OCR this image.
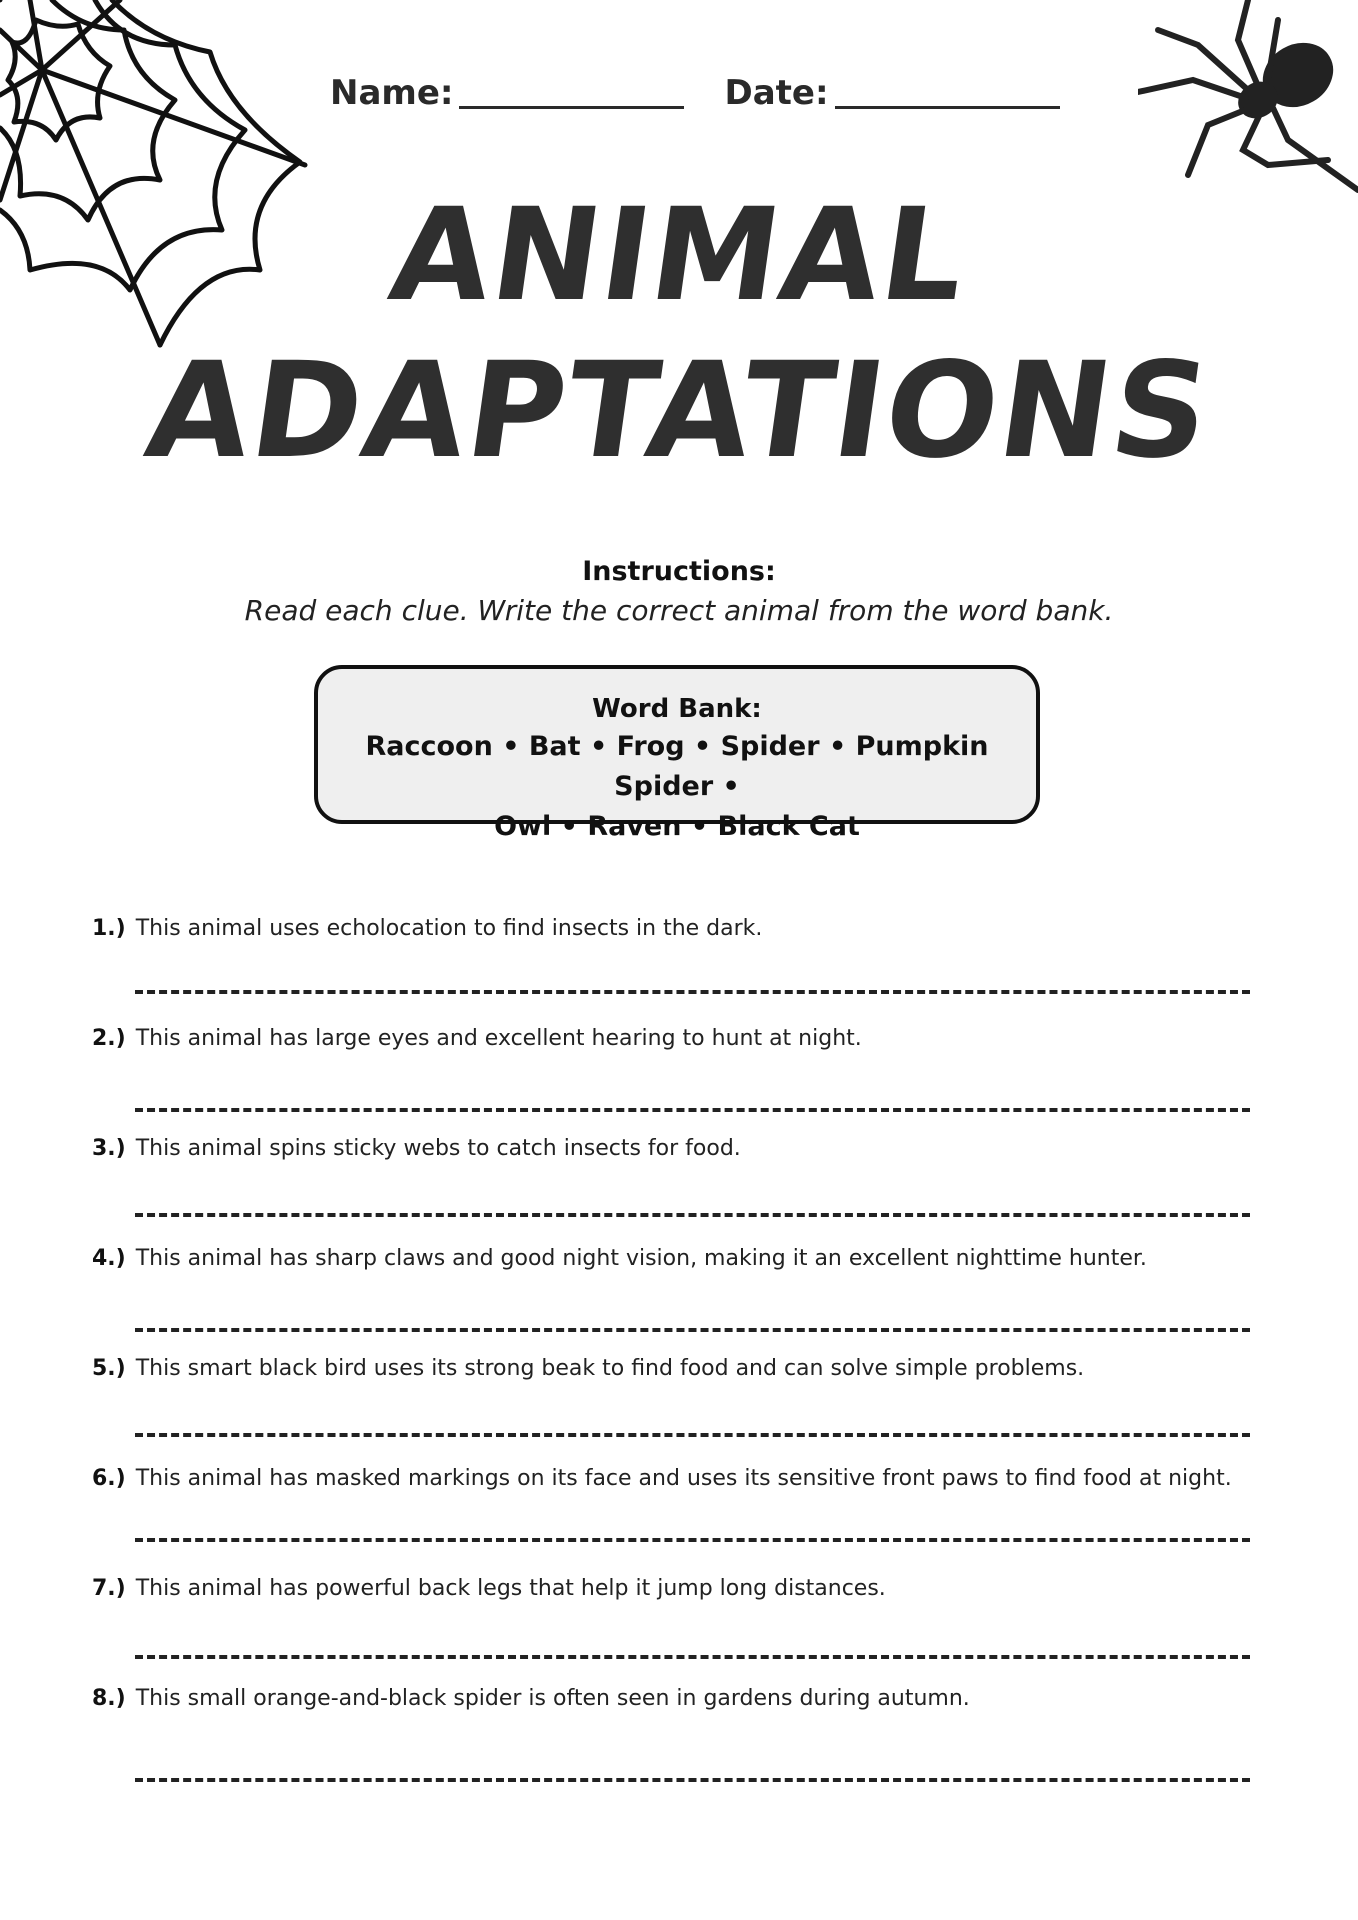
Name:	Date:
ANIMAL
ADAPTATIONS
Instructions:
Read each clue. Write the correct animal from the word bank.
Word Bank:
Raccoon • Bat • Frog • Spider • Pumpkin Spider •
Owl • Raven • Black Cat
1.) This animal uses echolocation to find insects in the dark.
2.) This animal has large eyes and excellent hearing to hunt at night.
3.) This animal spins sticky webs to catch insects for food.
4.) This animal has sharp claws and good night vision, making it an excellent nighttime hunter.
5.) This smart black bird uses its strong beak to find food and can solve simple problems.
6.) This animal has masked markings on its face and uses its sensitive front paws to find food at night.
7.) This animal has powerful back legs that help it jump long distances.
8.) This small orange-and-black spider is often seen in gardens during autumn.
